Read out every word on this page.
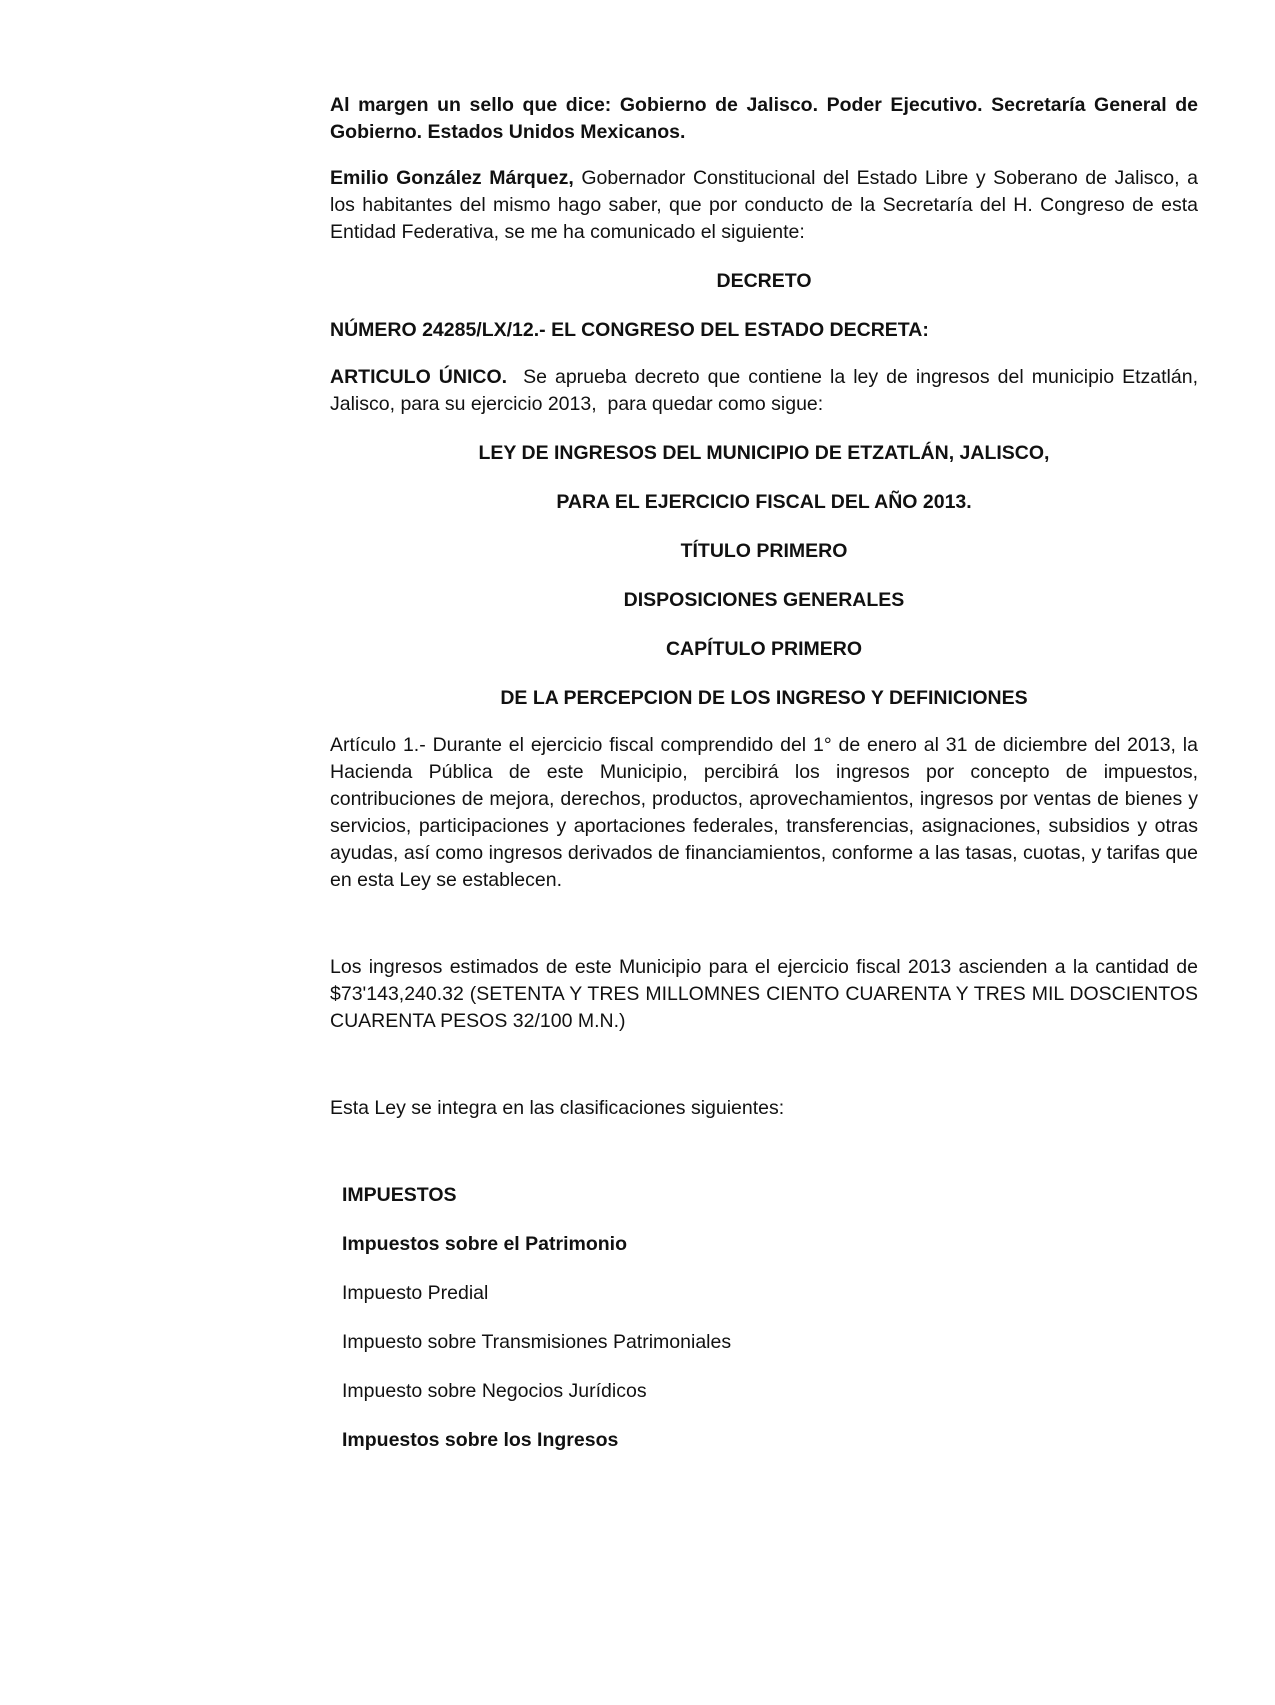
Al margen un sello que dice: Gobierno de Jalisco. Poder Ejecutivo. Secretaría General de Gobierno. Estados Unidos Mexicanos.

Emilio González Márquez, Gobernador Constitucional del Estado Libre y Soberano de Jalisco, a los habitantes del mismo hago saber, que por conducto de la Secretaría del H. Congreso de esta Entidad Federativa, se me ha comunicado el siguiente:

DECRETO

NÚMERO 24285/LX/12.- EL CONGRESO DEL ESTADO DECRETA:

ARTICULO ÚNICO.  Se aprueba decreto que contiene la ley de ingresos del municipio Etzatlán,  Jalisco, para su ejercicio 2013,  para quedar como sigue:

LEY DE INGRESOS DEL MUNICIPIO DE ETZATLÁN, JALISCO,

PARA EL EJERCICIO FISCAL DEL AÑO 2013.

TÍTULO PRIMERO

DISPOSICIONES GENERALES

CAPÍTULO PRIMERO

DE LA PERCEPCION DE LOS INGRESO Y DEFINICIONES

Artículo 1.- Durante el ejercicio fiscal comprendido del 1° de enero al 31 de diciembre del 2013, la Hacienda Pública de este Municipio, percibirá los ingresos por concepto de impuestos, contribuciones de mejora, derechos, productos, aprovechamientos, ingresos por ventas de bienes y servicios, participaciones y aportaciones federales, transferencias, asignaciones, subsidios y otras ayudas, así como ingresos derivados de financiamientos, conforme a las tasas, cuotas, y tarifas que en esta Ley se establecen.

Los ingresos estimados de este Municipio para el ejercicio fiscal 2013 ascienden a la cantidad de $73'143,240.32 (SETENTA Y TRES MILLOMNES CIENTO CUARENTA Y TRES MIL DOSCIENTOS CUARENTA PESOS 32/100 M.N.)

Esta Ley se integra en las clasificaciones siguientes:

IMPUESTOS

Impuestos sobre el Patrimonio

Impuesto Predial

Impuesto sobre Transmisiones Patrimoniales

Impuesto sobre Negocios Jurídicos

Impuestos sobre los Ingresos
